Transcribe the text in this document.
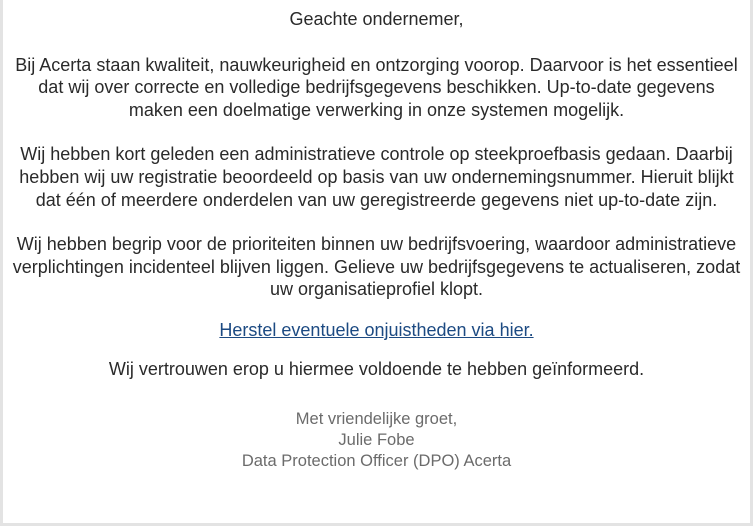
Geachte ondernemer,

Bij Acerta staan kwaliteit, nauwkeurigheid en ontzorging voorop. Daarvoor is het essentieel dat wij over correcte en volledige bedrijfsgegevens beschikken. Up-to-date gegevens maken een doelmatige verwerking in onze systemen mogelijk.

Wij hebben kort geleden een administratieve controle op steekproefbasis gedaan. Daarbij hebben wij uw registratie beoordeeld op basis van uw ondernemingsnummer. Hieruit blijkt dat één of meerdere onderdelen van uw geregistreerde gegevens niet up-to-date zijn.

Wij hebben begrip voor de prioriteiten binnen uw bedrijfsvoering, waardoor administratieve verplichtingen incidenteel blijven liggen. Gelieve uw bedrijfsgegevens te actualiseren, zodat uw organisatieprofiel klopt.

Herstel eventuele onjuistheden via hier.

Wij vertrouwen erop u hiermee voldoende te hebben geïnformeerd.

Met vriendelijke groet,
Julie Fobe
Data Protection Officer (DPO) Acerta
